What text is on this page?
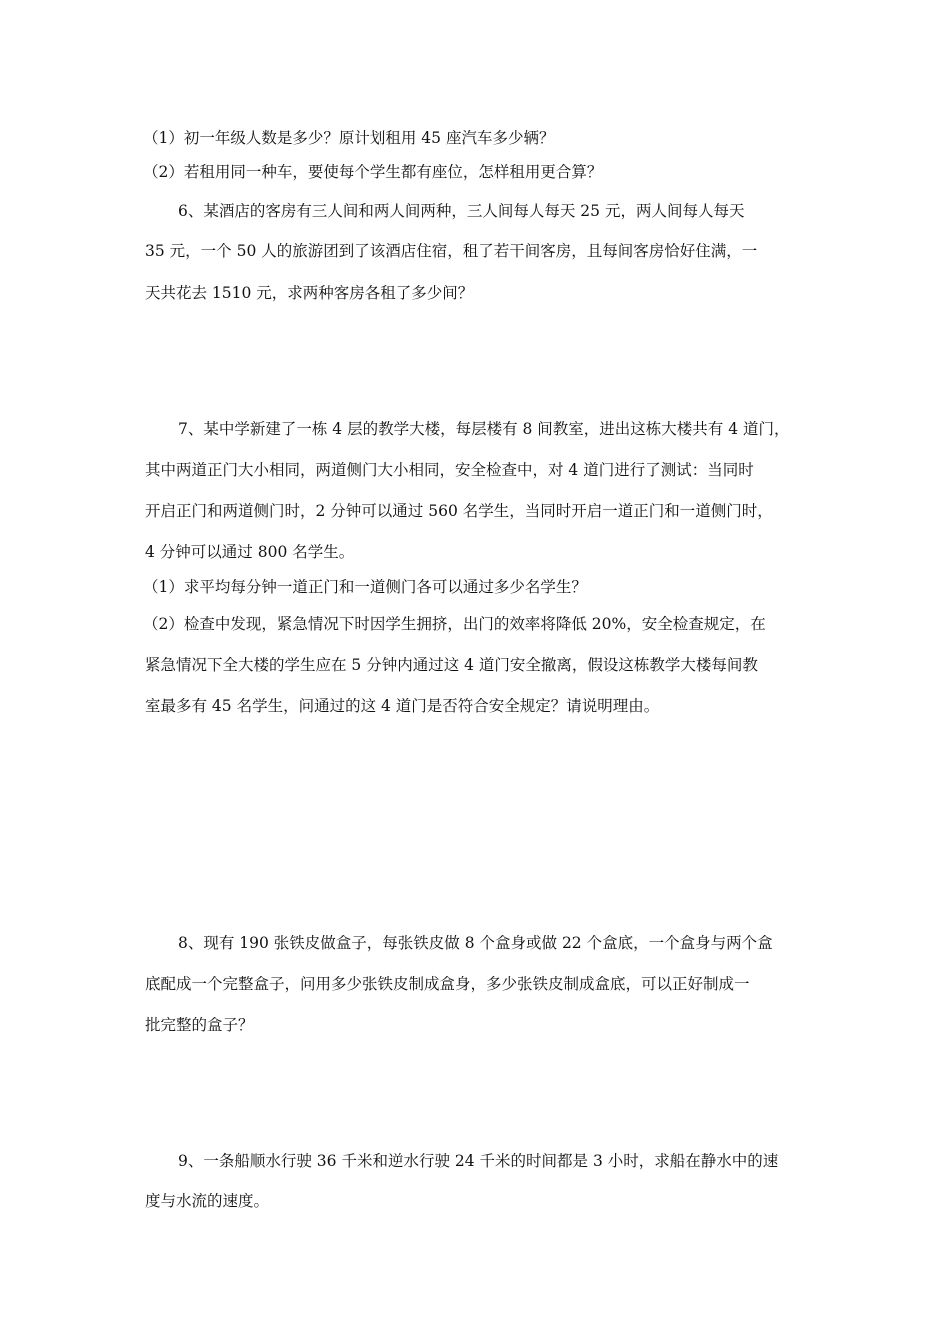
（1）初一年级人数是多少？原计划租用 45 座汽车多少辆？
（2）若租用同一种车，要使每个学生都有座位，怎样租用更合算？
6、某酒店的客房有三人间和两人间两种，三人间每人每天 25 元，两人间每人每天
35 元，一个 50 人的旅游团到了该酒店住宿，租了若干间客房，且每间客房恰好住满，一
天共花去 1510 元，求两种客房各租了多少间？
7、某中学新建了一栋 4 层的教学大楼，每层楼有 8 间教室，进出这栋大楼共有 4 道门，
其中两道正门大小相同，两道侧门大小相同，安全检查中，对 4 道门进行了测试：当同时
开启正门和两道侧门时，2 分钟可以通过 560 名学生，当同时开启一道正门和一道侧门时，
4 分钟可以通过 800 名学生。
（1）求平均每分钟一道正门和一道侧门各可以通过多少名学生？
（2）检查中发现，紧急情况下时因学生拥挤，出门的效率将降低 20%，安全检查规定，在
紧急情况下全大楼的学生应在 5 分钟内通过这 4 道门安全撤离，假设这栋教学大楼每间教
室最多有 45 名学生，问通过的这 4 道门是否符合安全规定？请说明理由。
8、现有 190 张铁皮做盒子，每张铁皮做 8 个盒身或做 22 个盒底，一个盒身与两个盒
底配成一个完整盒子，问用多少张铁皮制成盒身，多少张铁皮制成盒底，可以正好制成一
批完整的盒子？
9、一条船顺水行驶 36 千米和逆水行驶 24 千米的时间都是 3 小时，求船在静水中的速
度与水流的速度。
